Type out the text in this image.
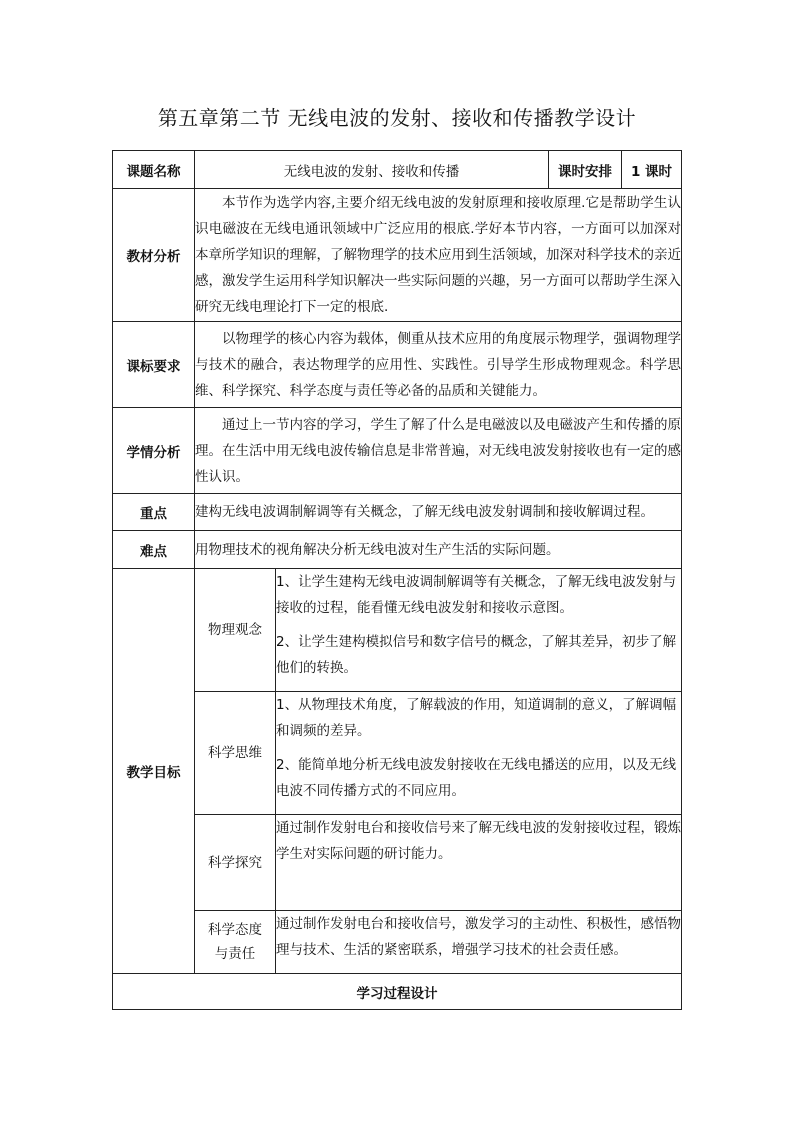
第五章第二节 无线电波的发射、接收和传播教学设计
课题名称	无线电波的发射、接收和传播		课时安排	1 课时
教材分析	本节作为选学内容,主要介绍无线电波的发射原理和接收原理.它是帮助学生认识电磁波在无线电通讯领域中广泛应用的根底.学好本节内容，一方面可以加深对本章所学知识的理解，了解物理学的技术应用到生活领域，加深对科学技术的亲近感，激发学生运用科学知识解决一些实际问题的兴趣，另一方面可以帮助学生深入研究无线电理论打下一定的根底.			
课标要求	以物理学的核心内容为载体，侧重从技术应用的角度展示物理学，强调物理学与技术的融合，表达物理学的应用性、实践性。引导学生形成物理观念。科学思维、科学探究、科学态度与责任等必备的品质和关键能力。			
学情分析	通过上一节内容的学习，学生了解了什么是电磁波以及电磁波产生和传播的原理。在生活中用无线电波传输信息是非常普遍，对无线电波发射接收也有一定的感性认识。			
重点	建构无线电波调制解调等有关概念，了解无线电波发射调制和接收解调过程。			
难点	用物理技术的视角解决分析无线电波对生产生活的实际问题。			
教学目标	物理观念	1、让学生建构无线电波调制解调等有关概念，了解无线电波发射与接收的过程，能看懂无线电波发射和接收示意图。

2、让学生建构模拟信号和数字信号的概念，了解其差异，初步了解他们的转换。		

	科学思维	1、从物理技术角度，了解载波的作用，知道调制的意义，了解调幅和调频的差异。

2、能简单地分析无线电波发射接收在无线电播送的应用，以及无线电波不同传播方式的不同应用。		

	科学探究	通过制作发射电台和接收信号来了解无线电波的发射接收过程，锻炼学生对实际问题的研讨能力。		

	科学态度
与责任	通过制作发射电台和接收信号，激发学习的主动性、积极性，感悟物理与技术、生活的紧密联系，增强学习技术的社会责任感。		

学习过程设计				
